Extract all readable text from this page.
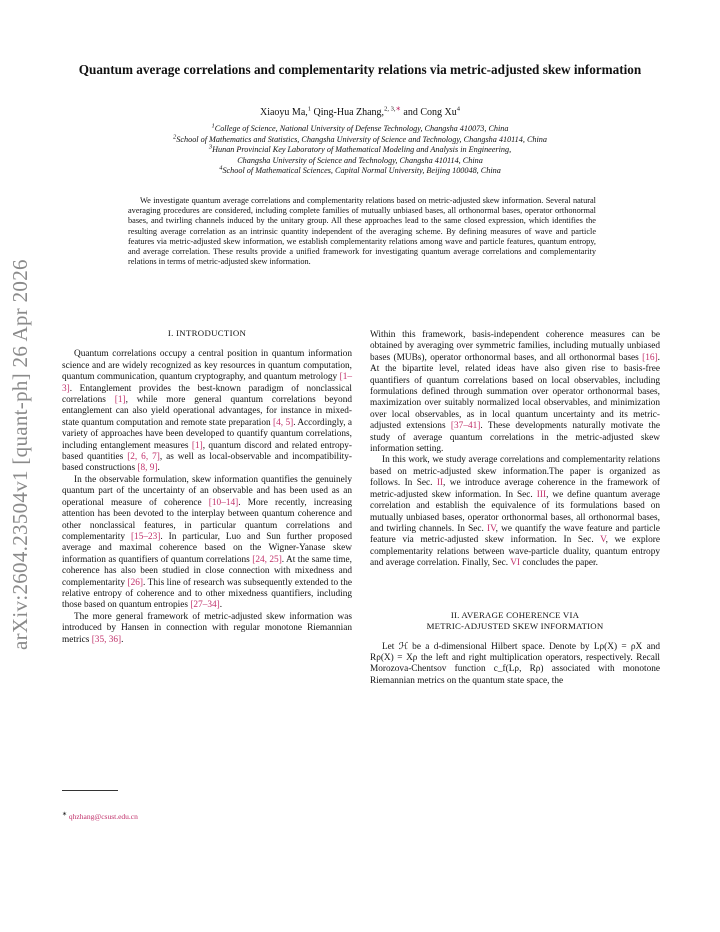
arXiv:2604.23504v1 [quant-ph] 26 Apr 2026
Quantum average correlations and complementarity relations via metric-adjusted skew information
Xiaoyu Ma,$^1$ Qing-Hua Zhang,$^{2, 3,∗}$ and Cong Xu$^4$
$^1$College of Science, National University of Defense Technology, Changsha 410073, China
$^2$School of Mathematics and Statistics, Changsha University of Science and Technology, Changsha 410114, China
$^3$Hunan Provincial Key Laboratory of Mathematical Modeling and Analysis in Engineering,
Changsha University of Science and Technology, Changsha 410114, China
$^4$School of Mathematical Sciences, Capital Normal University, Beijing 100048, China

We investigate quantum average correlations and complementarity relations based on metric-adjusted skew information. Several natural averaging procedures are considered, including complete families of mutually unbiased bases, all orthonormal bases, operator orthonormal bases, and twirling channels induced by the unitary group. All these approaches lead to the same closed expression, which identifies the resulting average correlation as an intrinsic quantity independent of the averaging scheme. By defining measures of wave and particle features via metric-adjusted skew information, we establish complementarity relations among wave and particle features, quantum entropy, and average correlation. These results provide a unified framework for investigating quantum average correlations and complementarity relations in terms of metric-adjusted skew information.

I. INTRODUCTION

Quantum correlations occupy a central position in quantum information science and are widely recognized as key resources in quantum computation, quantum communication, quantum cryptography, and quantum metrology [1–3]. Entanglement provides the best-known paradigm of nonclassical correlations [1], while more general quantum correlations beyond entanglement can also yield operational advantages, for instance in mixed-state quantum computation and remote state preparation [4, 5]. Accordingly, a variety of approaches have been developed to quantify quantum correlations, including entanglement measures [1], quantum discord and related entropy-based quantities [2, 6, 7], as well as local-observable and incompatibility-based constructions [8, 9].

In the observable formulation, skew information quantifies the genuinely quantum part of the uncertainty of an observable and has been used as an operational measure of coherence [10–14]. More recently, increasing attention has been devoted to the interplay between quantum coherence and other nonclassical features, in particular quantum correlations and complementarity [15–23]. In particular, Luo and Sun further proposed average and maximal coherence based on the Wigner-Yanase skew information as quantifiers of quantum correlations [24, 25]. At the same time, coherence has also been studied in close connection with mixedness and complementarity [26]. This line of research was subsequently extended to the relative entropy of coherence and to other mixedness quantifiers, including those based on quantum entropies [27–34].

The more general framework of metric-adjusted skew information was introduced by Hansen in connection with regular monotone Riemannian metrics [35, 36].

Within this framework, basis-independent coherence measures can be obtained by averaging over symmetric families, including mutually unbiased bases (MUBs), operator orthonormal bases, and all orthonormal bases [16]. At the bipartite level, related ideas have also given rise to basis-free quantifiers of quantum correlations based on local observables, including formulations defined through summation over operator orthonormal bases, maximization over suitably normalized local observables, and minimization over local observables, as in local quantum uncertainty and its metric-adjusted extensions [37–41]. These developments naturally motivate the study of average quantum correlations in the metric-adjusted skew information setting.

In this work, we study average correlations and complementarity relations based on metric-adjusted skew information.The paper is organized as follows. In Sec. II, we introduce average coherence in the framework of metric-adjusted skew information. In Sec. III, we define quantum average correlation and establish the equivalence of its formulations based on mutually unbiased bases, operator orthonormal bases, all orthonormal bases, and twirling channels. In Sec. IV, we quantify the wave feature and particle feature via metric-adjusted skew information. In Sec. V, we explore complementarity relations between wave-particle duality, quantum entropy and average correlation. Finally, Sec. VI concludes the paper.

II. AVERAGE COHERENCE VIA
METRIC-ADJUSTED SKEW INFORMATION

Let ℋ be a d-dimensional Hilbert space. Denote by Lρ(X) = ρX and Rρ(X) = Xρ the left and right multiplication operators, respectively. Recall Morozova-Chentsov function c_f(Lρ, Rρ) associated with monotone Riemannian metrics on the quantum state space, the

∗ qhzhang@csust.edu.cn
